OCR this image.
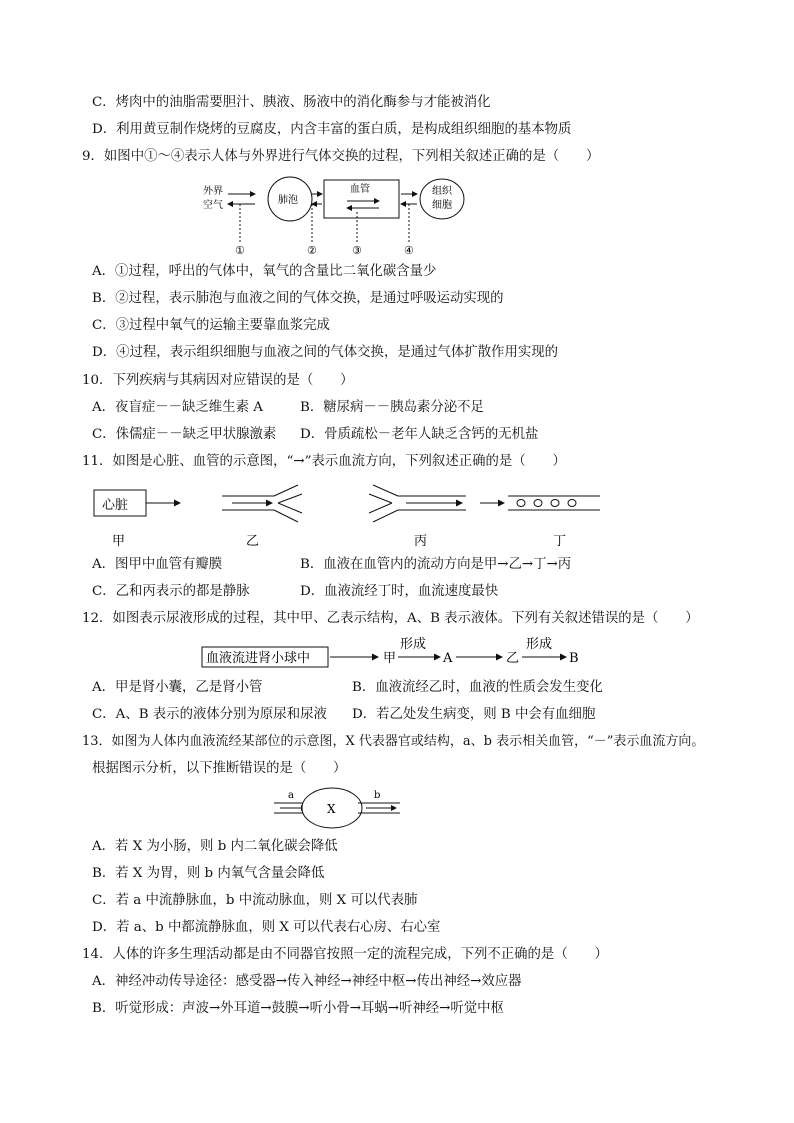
C．烤肉中的油脂需要胆汁、胰液、肠液中的消化酶参与才能被消化
D．利用黄豆制作烧烤的豆腐皮，内含丰富的蛋白质，是构成组织细胞的基本物质
9．如图中①～④表示人体与外界进行气体交换的过程，下列相关叙述正确的是（　　）
外界
空气	肺泡
血管	组织
细胞
①	②	③	④
A．①过程，呼出的气体中，氧气的含量比二氧化碳含量少
B．②过程，表示肺泡与血液之间的气体交换，是通过呼吸运动实现的
C．③过程中氧气的运输主要靠血浆完成
D．④过程，表示组织细胞与血液之间的气体交换，是通过气体扩散作用实现的
10．下列疾病与其病因对应错误的是（　　）
A．夜盲症－－缺乏维生素 A	B．糖尿病－－胰岛素分泌不足
C．侏儒症－－缺乏甲状腺激素 D．骨质疏松－老年人缺乏含钙的无机盐
11．如图是心脏、血管的示意图，“→”表示血流方向，下列叙述正确的是（　　）
心脏
甲	乙	丙	丁
A．图甲中血管有瓣膜	B．血液在血管内的流动方向是甲→乙→丁→丙
C．乙和丙表示的都是静脉	D．血液流经丁时，血流速度最快
12．如图表示尿液形成的过程，其中甲、乙表示结构，A、B 表示液体。下列有关叙述错误的是（　　）
血液流进肾小球中	甲
形成
A	乙
形成
B
A．甲是肾小囊，乙是肾小管	B．血液流经乙时，血液的性质会发生变化
C．A、B 表示的液体分别为原尿和尿液 D．若乙处发生病变，则 B 中会有血细胞
13．如图为人体内血液流经某部位的示意图，X 代表器官或结构，a、b 表示相关血管，“－”表示血流方向。
根据图示分析，以下推断错误的是（　　）
a
X
b
A．若 X 为小肠，则 b 内二氧化碳会降低
B．若 X 为胃，则 b 内氧气含量会降低
C．若 a 中流静脉血，b 中流动脉血，则 X 可以代表肺
D．若 a、b 中都流静脉血，则 X 可以代表右心房、右心室
14．人体的许多生理活动都是由不同器官按照一定的流程完成，下列不正确的是（　　）
A．神经冲动传导途径：感受器→传入神经→神经中枢→传出神经→效应器
B．听觉形成：声波→外耳道→鼓膜→听小骨→耳蜗→听神经→听觉中枢
